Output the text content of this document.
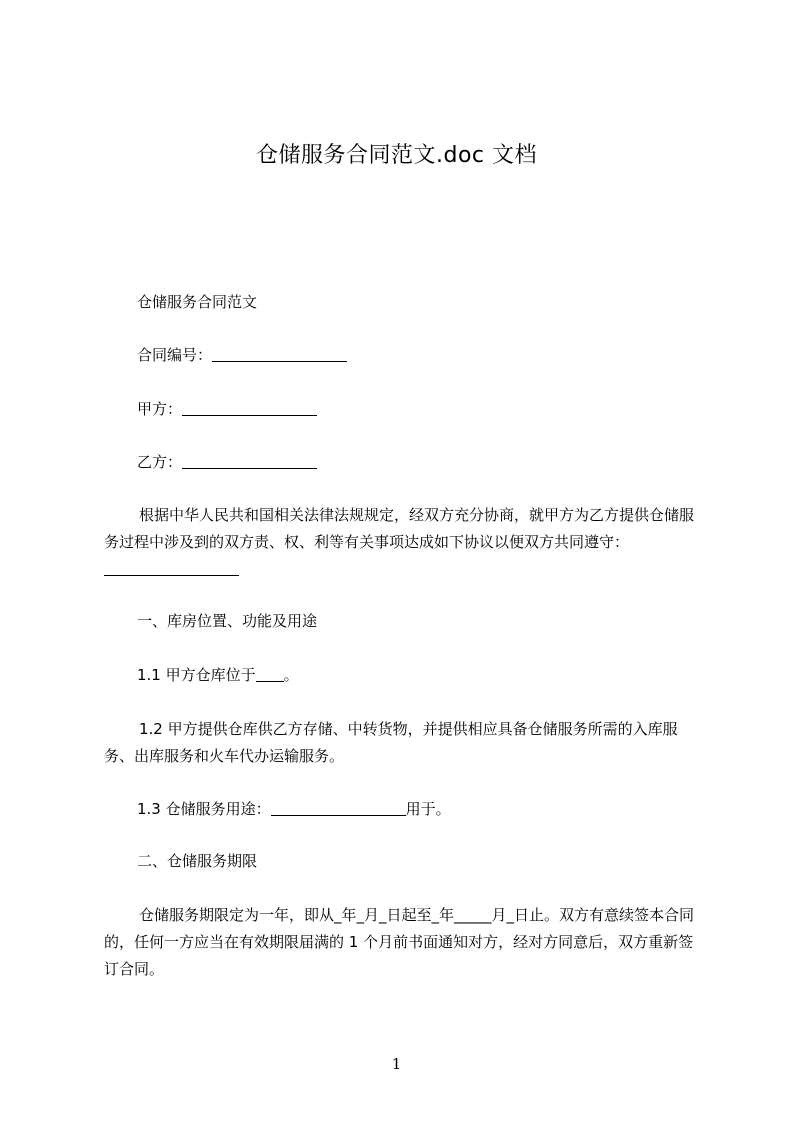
仓储服务合同范文.doc 文档
仓储服务合同范文
合同编号：
甲方：
乙方：
根据中华人民共和国相关法律法规规定，经双方充分协商，就甲方为乙方提供仓储服务过程中涉及到的双方责、权、利等有关事项达成如下协议以便双方共同遵守：

一、库房位置、功能及用途
1.1 甲方仓库位于 。
1.2 甲方提供仓库供乙方存储、中转货物，并提供相应具备仓储服务所需的入库服务、出库服务和火车代办运输服务。
1.3 仓储服务用途：	用于。
二、仓储服务期限
仓储服务期限定为一年，即从_年_月_日起至_年_____月_日止。双方有意续签本合同的，任何一方应当在有效期限届满的 1 个月前书面通知对方，经对方同意后，双方重新签订合同。
1
